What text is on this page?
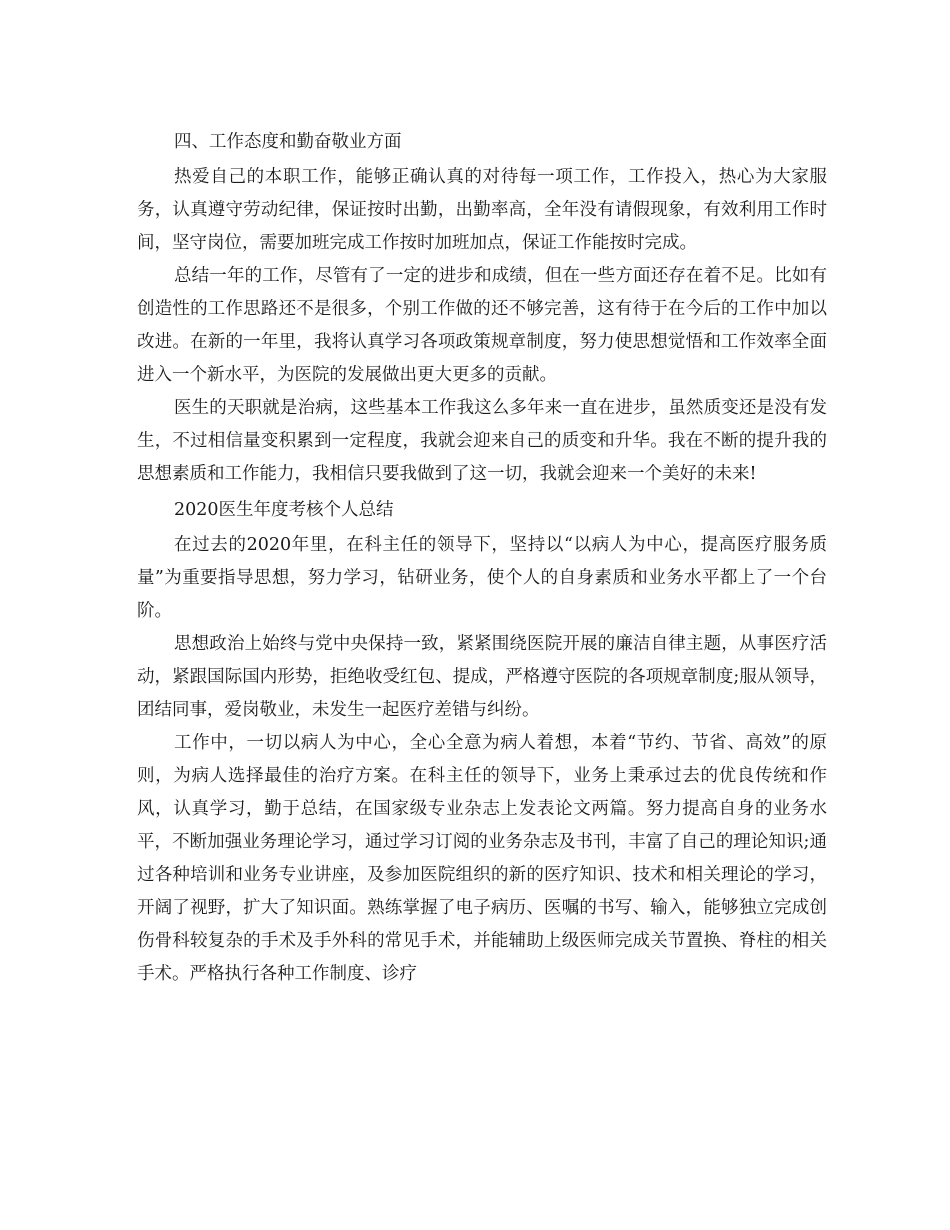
四、工作态度和勤奋敬业方面

热爱自己的本职工作，能够正确认真的对待每一项工作，工作投入，热心为大家服务，认真遵守劳动纪律，保证按时出勤，出勤率高，全年没有请假现象，有效利用工作时间，坚守岗位，需要加班完成工作按时加班加点，保证工作能按时完成。

总结一年的工作，尽管有了一定的进步和成绩，但在一些方面还存在着不足。比如有创造性的工作思路还不是很多，个别工作做的还不够完善，这有待于在今后的工作中加以改进。在新的一年里，我将认真学习各项政策规章制度，努力使思想觉悟和工作效率全面进入一个新水平，为医院的发展做出更大更多的贡献。

医生的天职就是治病，这些基本工作我这么多年来一直在进步，虽然质变还是没有发生，不过相信量变积累到一定程度，我就会迎来自己的质变和升华。我在不断的提升我的思想素质和工作能力，我相信只要我做到了这一切，我就会迎来一个美好的未来!

2020医生年度考核个人总结

在过去的2020年里，在科主任的领导下，坚持以“以病人为中心，提高医疗服务质量”为重要指导思想，努力学习，钻研业务，使个人的自身素质和业务水平都上了一个台阶。

思想政治上始终与党中央保持一致，紧紧围绕医院开展的廉洁自律主题，从事医疗活动，紧跟国际国内形势，拒绝收受红包、提成，严格遵守医院的各项规章制度;服从领导，团结同事，爱岗敬业，未发生一起医疗差错与纠纷。

工作中，一切以病人为中心，全心全意为病人着想，本着“节约、节省、高效”的原则，为病人选择最佳的治疗方案。在科主任的领导下，业务上秉承过去的优良传统和作风，认真学习，勤于总结，在国家级专业杂志上发表论文两篇。努力提高自身的业务水平，不断加强业务理论学习，通过学习订阅的业务杂志及书刊，丰富了自己的理论知识;通过各种培训和业务专业讲座，及参加医院组织的新的医疗知识、技术和相关理论的学习，开阔了视野，扩大了知识面。熟练掌握了电子病历、医嘱的书写、输入，能够独立完成创伤骨科较复杂的手术及手外科的常见手术，并能辅助上级医师完成关节置换、脊柱的相关手术。严格执行各种工作制度、诊疗
